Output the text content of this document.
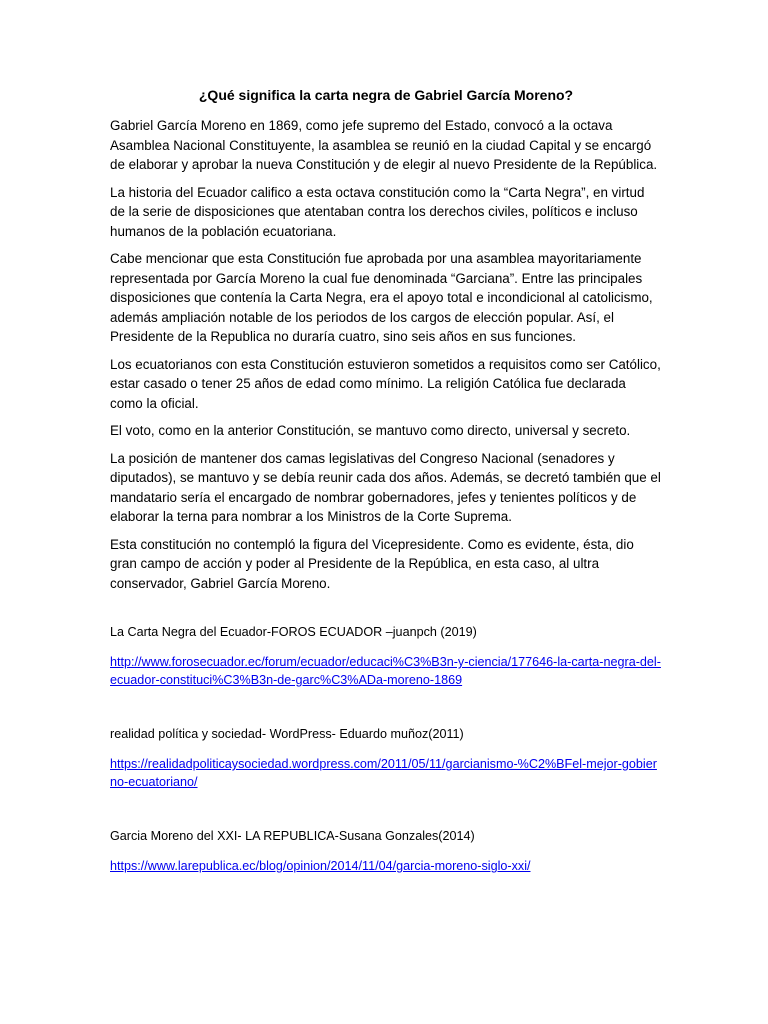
¿Qué significa la carta negra de Gabriel García Moreno?

Gabriel García Moreno en 1869, como jefe supremo del Estado, convocó a la octava Asamblea Nacional Constituyente, la asamblea se reunió en la ciudad Capital y se encargó de elaborar y aprobar la nueva Constitución y de elegir al nuevo Presidente de la República.

La historia del Ecuador califico a esta octava constitución como la “Carta Negra”, en virtud de la serie de disposiciones que atentaban contra los derechos civiles, políticos e incluso humanos de la población ecuatoriana.

Cabe mencionar que esta Constitución fue aprobada por una asamblea mayoritariamente representada por García Moreno la cual fue denominada “Garciana”. Entre las principales disposiciones que contenía la Carta Negra, era el apoyo total e incondicional al catolicismo, además ampliación notable de los periodos de los cargos de elección popular. Así, el Presidente de la Republica no duraría cuatro, sino seis años en sus funciones.

Los ecuatorianos con esta Constitución estuvieron sometidos a requisitos como ser Católico, estar casado o tener 25 años de edad como mínimo. La religión Católica fue declarada como la oficial.

El voto, como en la anterior Constitución, se mantuvo como directo, universal y secreto.

La posición de mantener dos camas legislativas del Congreso Nacional (senadores y diputados), se mantuvo y se debía reunir cada dos años. Además, se decretó también que el mandatario sería el encargado de nombrar gobernadores, jefes y tenientes políticos y de elaborar la terna para nombrar a los Ministros de la Corte Suprema.

Esta constitución no contempló la figura del Vicepresidente. Como es evidente, ésta, dio gran campo de acción y poder al Presidente de la República, en esta caso, al ultra conservador, Gabriel García Moreno.

La Carta Negra del Ecuador-FOROS ECUADOR –juanpch (2019)

http://www.forosecuador.ec/forum/ecuador/educaci%C3%B3n-y-ciencia/177646-la-carta-negra-del-ecuador-constituci%C3%B3n-de-garc%C3%ADa-moreno-1869

realidad política y sociedad- WordPress- Eduardo muñoz(2011)

https://realidadpoliticaysociedad.wordpress.com/2011/05/11/garcianismo-%C2%BFel-mejor-gobierno-ecuatoriano/

Garcia Moreno del XXI- LA REPUBLICA-Susana Gonzales(2014)

https://www.larepublica.ec/blog/opinion/2014/11/04/garcia-moreno-siglo-xxi/
